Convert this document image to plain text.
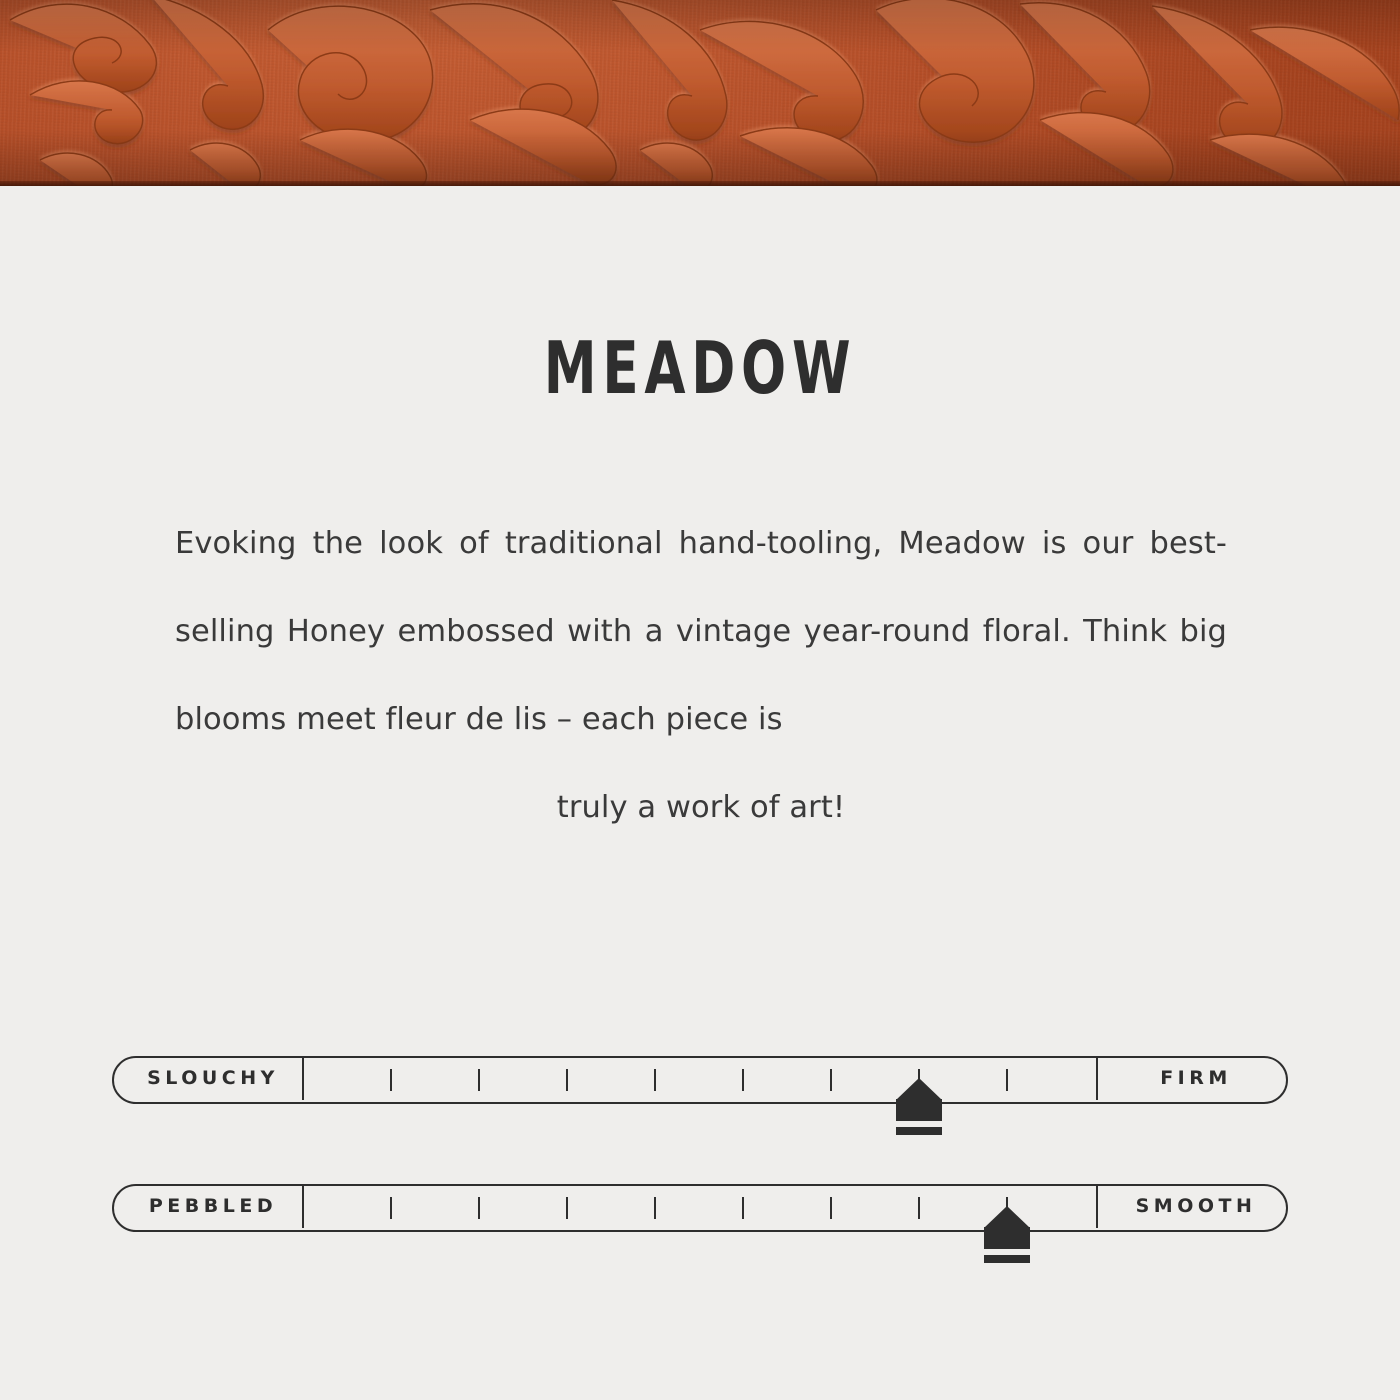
MEADOW
Evoking the look of traditional hand-tooling, Meadow is our best-selling Honey embossed with a vintage year-round floral. Think big blooms meet fleur de lis – each piece is
truly a work of art!
SLOUCHY	FIRM
PEBBLED	SMOOTH
